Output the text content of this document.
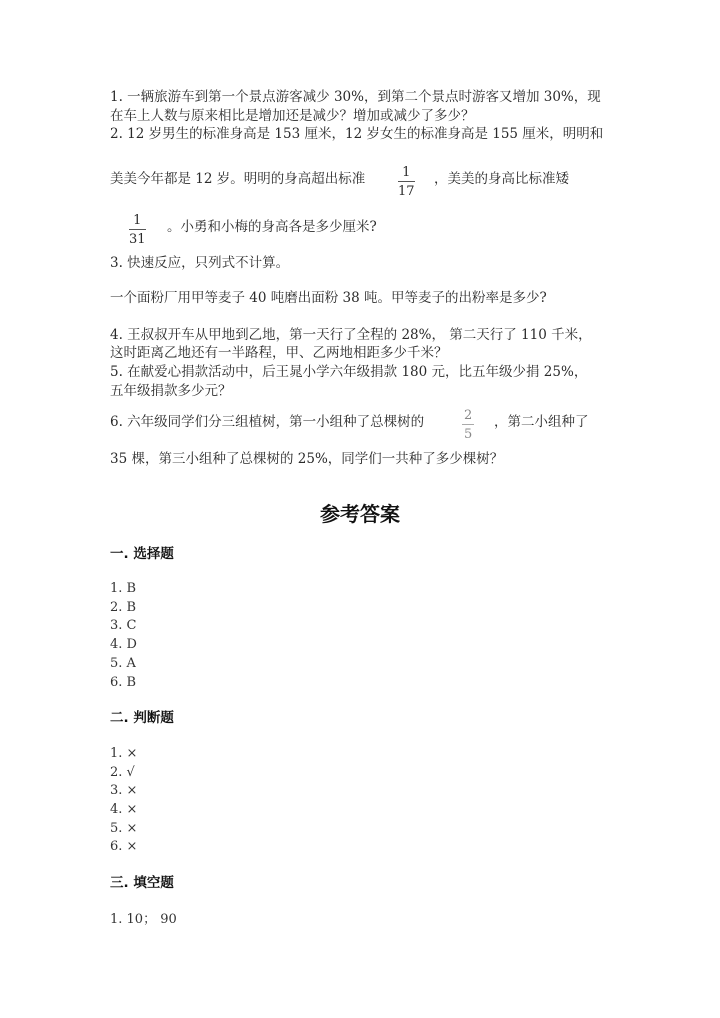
1. 一辆旅游车到第一个景点游客减少 30%，到第二个景点时游客又增加 30%，现
在车上人数与原来相比是增加还是减少？增加或减少了多少？
2. 12 岁男生的标准身高是 153 厘米，12 岁女生的标准身高是 155 厘米，明明和
美美今年都是 12 岁。明明的身高超出标准	1
17
，美美的身高比标准矮
1
31
。小勇和小梅的身高各是多少厘米?
3. 快速反应，只列式不计算。
一个面粉厂用甲等麦子 40 吨磨出面粉 38 吨。甲等麦子的出粉率是多少?
4. 王叔叔开车从甲地到乙地，第一天行了全程的 28%， 第二天行了 110 千米，
这时距离乙地还有一半路程，甲、乙两地相距多少千米？
5. 在献爱心捐款活动中，后王晁小学六年级捐款 180 元，比五年级少捐 25%，
五年级捐款多少元？
6. 六年级同学们分三组植树，第一小组种了总棵树的	2
5
，第二小组种了
35 棵，第三小组种了总棵树的 25%，同学们一共种了多少棵树？
参考答案
一. 选择题
1. B
2. B
3. C
4. D
5. A
6. B
二. 判断题
1. ×
2. √
3. ×
4. ×
5. ×
6. ×
三. 填空题
1. 10； 90
